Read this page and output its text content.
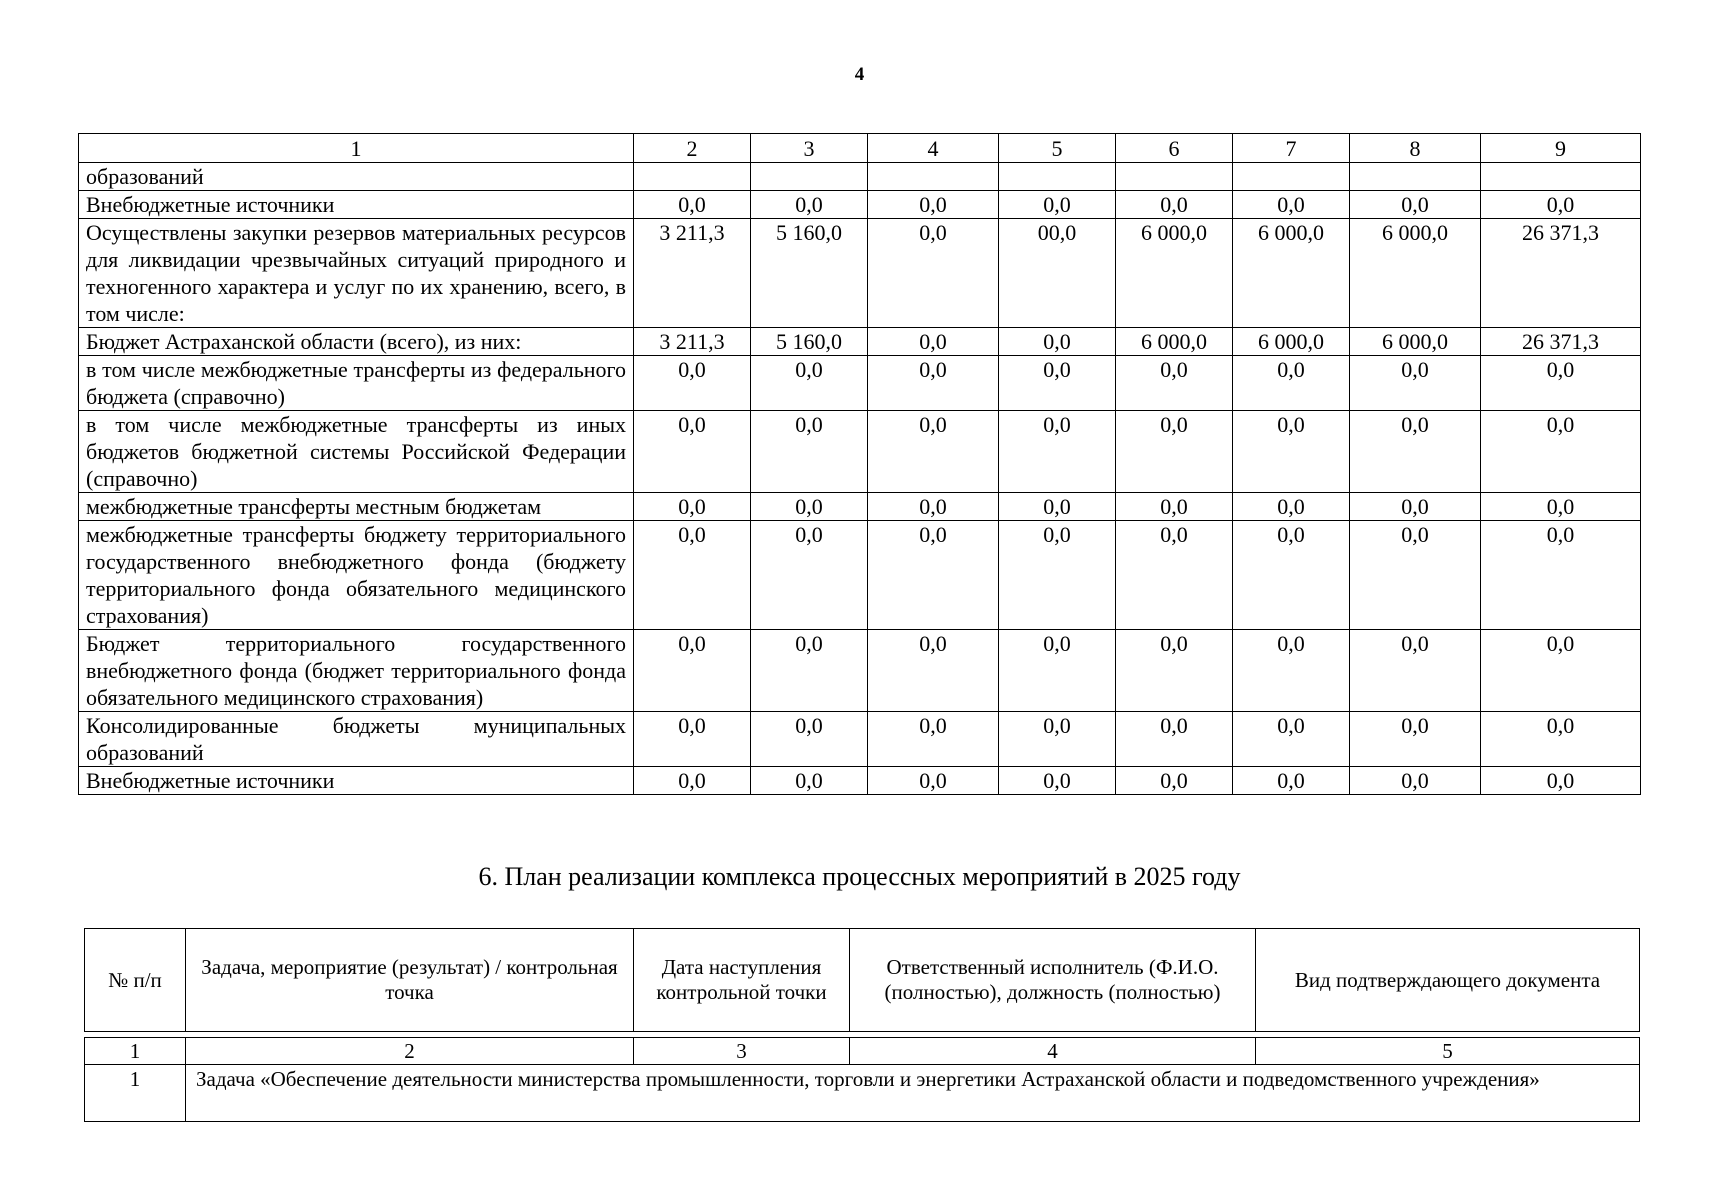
4
1	2	3	4	5	6	7	8	9
образований								
Внебюджетные источники	0,0	0,0	0,0	0,0	0,0	0,0	0,0	0,0
Осуществлены закупки резервов материальных ресурсов для ликвидации чрезвычайных ситуаций природного и техногенного характера и услуг по их хранению, всего, в том числе:	3 211,3	5 160,0	0,0	00,0	6 000,0	6 000,0	6 000,0	26 371,3
Бюджет Астраханской области (всего), из них:	3 211,3	5 160,0	0,0	0,0	6 000,0	6 000,0	6 000,0	26 371,3
в том числе межбюджетные трансферты из федерального бюджета (справочно)	0,0	0,0	0,0	0,0	0,0	0,0	0,0	0,0
в том числе межбюджетные трансферты из иных бюджетов бюджетной системы Российской Федерации (справочно)	0,0	0,0	0,0	0,0	0,0	0,0	0,0	0,0
межбюджетные трансферты местным бюджетам	0,0	0,0	0,0	0,0	0,0	0,0	0,0	0,0
межбюджетные трансферты бюджету территориального государственного внебюджетного фонда (бюджету территориального фонда обязательного медицинского страхования)	0,0	0,0	0,0	0,0	0,0	0,0	0,0	0,0
Бюджет территориального государственного внебюджетного фонда (бюджет территориального фонда обязательного медицинского страхования)	0,0	0,0	0,0	0,0	0,0	0,0	0,0	0,0
Консолидированные бюджеты муниципальных образований	0,0	0,0	0,0	0,0	0,0	0,0	0,0	0,0
Внебюджетные источники	0,0	0,0	0,0	0,0	0,0	0,0	0,0	0,0
6. План реализации комплекса процессных мероприятий в 2025 году
№ п/п	Задача, мероприятие (результат) / контрольная точка	Дата наступления контрольной точки	Ответственный исполнитель (Ф.И.О. (полностью), должность (полностью)	Вид подтверждающего документа
1	2	3	4	5
1	Задача «Обеспечение деятельности министерства промышленности, торговли и энергетики Астраханской области и подведомственного учреждения»			
